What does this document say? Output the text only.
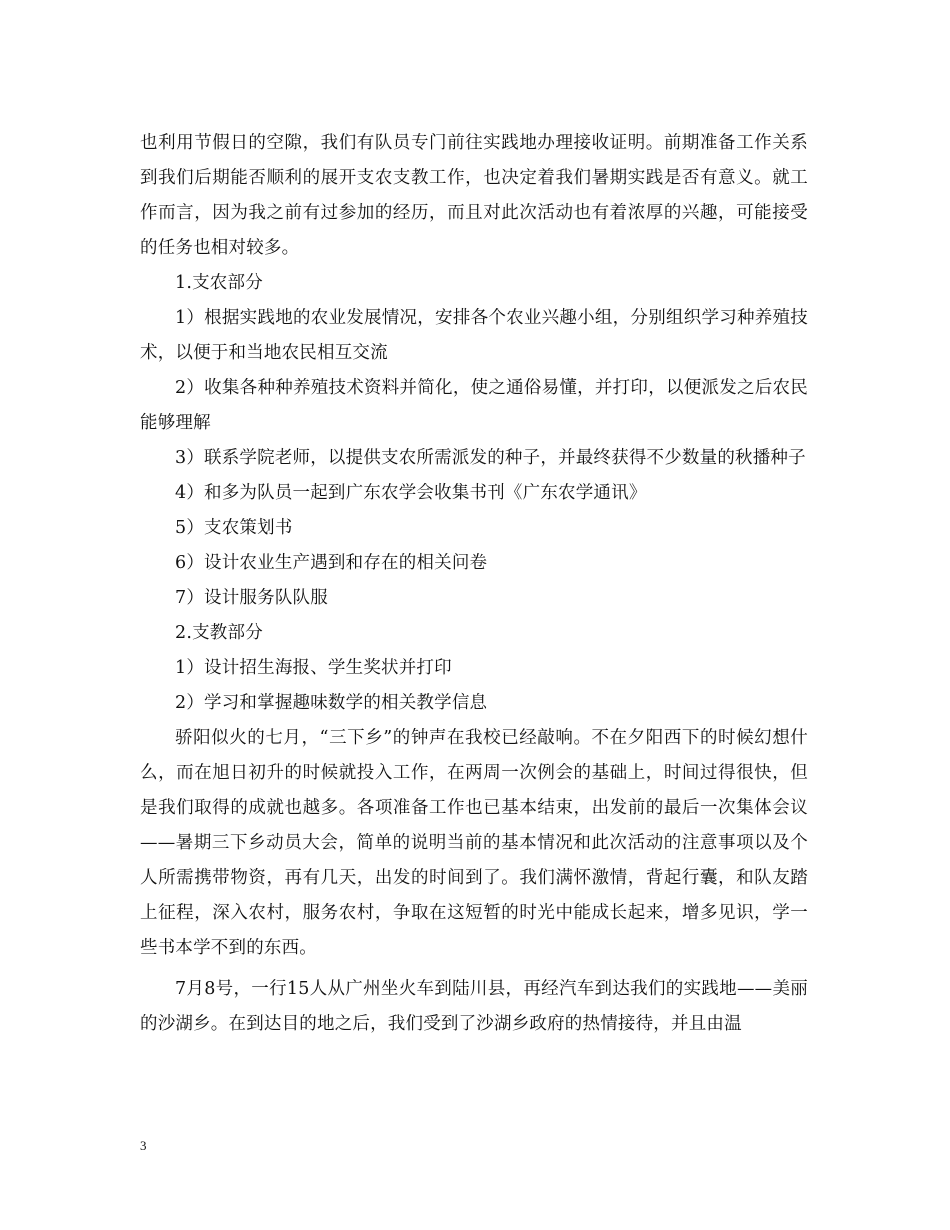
也利用节假日的空隙，我们有队员专门前往实践地办理接收证明。前期准备工作关系到我们后期能否顺利的展开支农支教工作，也决定着我们暑期实践是否有意义。就工作而言，因为我之前有过参加的经历，而且对此次活动也有着浓厚的兴趣，可能接受的任务也相对较多。

1.支农部分

1）根据实践地的农业发展情况，安排各个农业兴趣小组，分别组织学习种养殖技术，以便于和当地农民相互交流

2）收集各种种养殖技术资料并简化，使之通俗易懂，并打印，以便派发之后农民能够理解

3）联系学院老师，以提供支农所需派发的种子，并最终获得不少数量的秋播种子

4）和多为队员一起到广东农学会收集书刊《广东农学通讯》

5）支农策划书

6）设计农业生产遇到和存在的相关问卷

7）设计服务队队服

2.支教部分

1）设计招生海报、学生奖状并打印

2）学习和掌握趣味数学的相关教学信息

骄阳似火的七月，“三下乡”的钟声在我校已经敲响。不在夕阳西下的时候幻想什么，而在旭日初升的时候就投入工作，在两周一次例会的基础上，时间过得很快，但是我们取得的成就也越多。各项准备工作也已基本结束，出发前的最后一次集体会议——暑期三下乡动员大会，简单的说明当前的基本情况和此次活动的注意事项以及个人所需携带物资，再有几天，出发的时间到了。我们满怀激情，背起行囊，和队友踏上征程，深入农村，服务农村，争取在这短暂的时光中能成长起来，增多见识，学一些书本学不到的东西。

7月8号，一行15人从广州坐火车到陆川县，再经汽车到达我们的实践地——美丽的沙湖乡。在到达目的地之后，我们受到了沙湖乡政府的热情接待，并且由温

3
